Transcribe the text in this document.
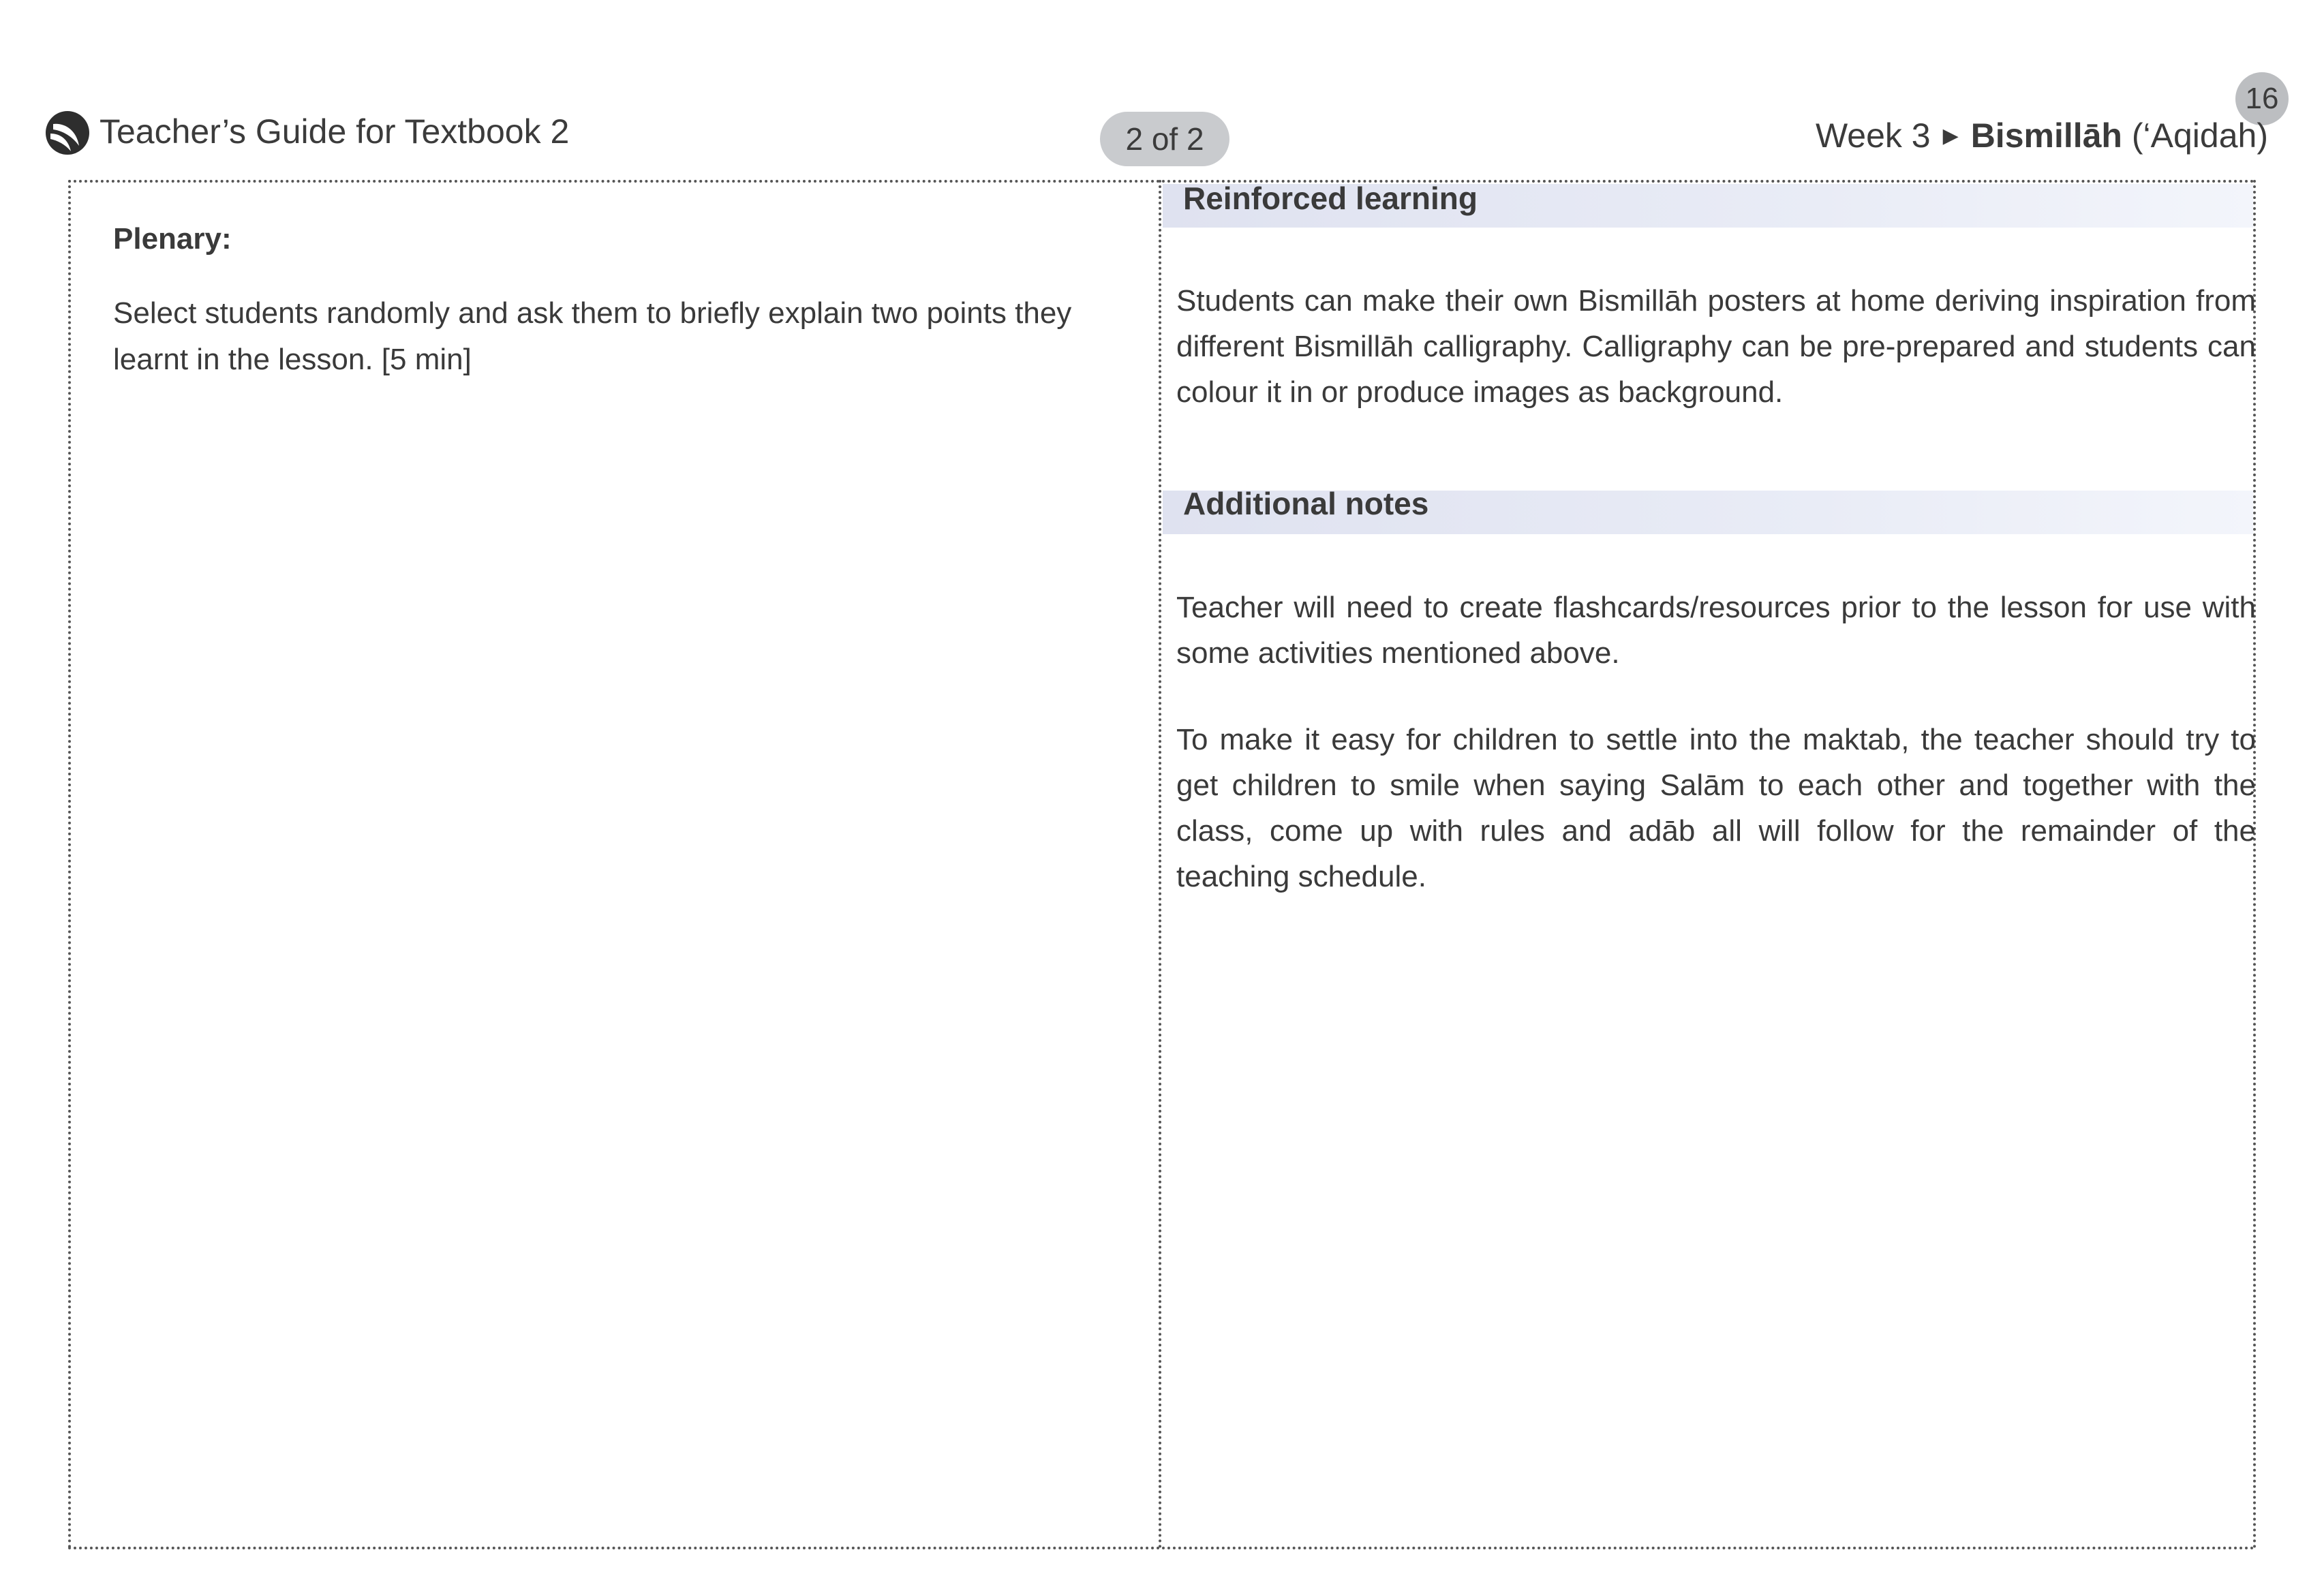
Teacher’s Guide for Textbook 2	2 of 2
16
Week 3 ▶ Bismillāh (‘Aqidah)
Plenary:
Select students randomly and ask them to briefly explain two points they learnt in the lesson. [5 min]
Reinforced learning
Students can make their own Bismillāh posters at home deriving inspiration from different Bismillāh calligraphy. Calligraphy can be pre-prepared and students can colour it in or produce images as background.
Additional notes
Teacher will need to create flashcards/resources prior to the lesson for use with some activities mentioned above.
To make it easy for children to settle into the maktab, the teacher should try to get children to smile when saying Salām to each other and together with the class, come up with rules and adāb all will follow for the remainder of the teaching schedule.
